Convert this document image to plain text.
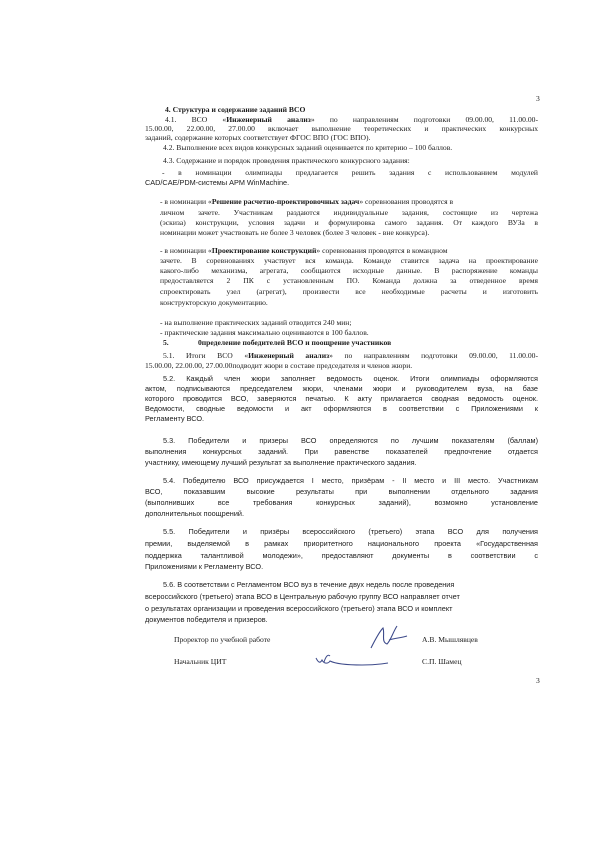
3
4. Структура и содержание заданий ВСО
4.1. ВСО «Инженерный анализ» по направлениям подготовки 09.00.00, 11.00.00-
15.00.00, 22.00.00, 27.00.00 включает выполнение теоретических и практических конкурсных
заданий, содержание которых соответствует ФГОС ВПО (ГОС ВПО).
4.2. Выполнение всех видов конкурсных заданий оценивается по критерию – 100 баллов.
4.3. Содержание и порядок проведения практического конкурсного задания:
- в номинации олимпиады предлагается решить задания с использованием модулей
CAD/CAE/PDM-системы APM WinMachine.
- в номинации «Решение расчетно-проектировочных задач» соревнования проводятся в
личном зачете. Участникам раздаются индивидуальные задания, состоящие из чертежа
(эскиза) конструкции, условия задачи и формулировка самого задания. От каждого ВУЗа в
номинации может участвовать не более 3 человек (более 3 человек - вне конкурса).
- в номинации «Проектирование конструкций» соревнования проводятся в командном
зачете. В соревнованиях участвует вся команда. Команде ставится задача на проектирование
какого-либо механизма, агрегата, сообщаются исходные данные. В распоряжение команды
предоставляется 2 ПК с установленным ПО. Команда должна за отведенное время
спроектировать узел (агрегат), произвести все необходимые расчеты и изготовить
конструкторскую документацию.
- на выполнение практических заданий отводится 240 мин;
- практические задания максимально оцениваются в 100 баллов.
5.	0пределение победителей ВСО и поощрение участников
5.1. Итоги ВСО «Инженерный анализ» по направлениям подготовки 09.00.00, 11.00.00-
15.00.00, 22.00.00, 27.00.00подводит жюри в составе председателя и членов жюри.
5.2. Каждый член жюри заполняет ведомость оценок. Итоги олимпиады оформляются
актом, подписываются председателем жюри, членами жюри и руководителем вуза, на базе
которого проводится ВСО, заверяются печатью. К акту прилагается сводная ведомость оценок.
Ведомости, сводные ведомости и акт оформляются в соответствии с Приложениями к
Регламенту ВСО.
5.3. Победители и призеры ВСО определяются по лучшим показателям (баллам)
выполнения конкурсных заданий. При равенстве показателей предпочтение отдается
участнику, имеющему лучший результат за выполнение практического задания.
5.4. Победителю ВСО присуждается I место, призёрам - II место и III место. Участникам
ВСО, показавшим высокие результаты при выполнении отдельного задания
(выполнивших все требования конкурсных заданий), возможно установление
дополнительных поощрений.
5.5. Победители и призёры всероссийского (третьего) этапа ВСО для получения
премии, выделяемой в рамках приоритетного национального проекта «Государственная
поддержка талантливой молодежи», предоставляют документы в соответствии с
Приложениями к Регламенту ВСО.
5.6. В соответствии с Регламентом ВСО вуз в течение двух недель после проведения
всероссийского (третьего) этапа ВСО в Центральную рабочую группу ВСО направляет отчет
о результатах организации и проведения всероссийского (третьего) этапа ВСО и комплект
документов победителя и призеров.
Проректор по учебной работе	А.В. Мышлявцев
Начальник ЦИТ	С.П. Шамец
3
